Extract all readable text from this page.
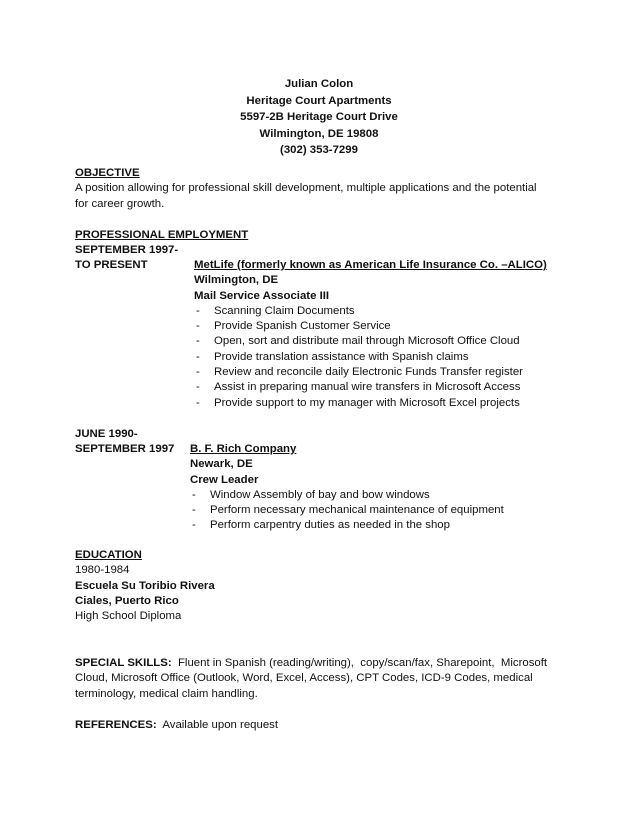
Julian Colon
Heritage Court Apartments
5597-2B Heritage Court Drive
Wilmington, DE 19808
(302) 353-7299
OBJECTIVE
A position allowing for professional skill development, multiple applications and the potential
for career growth.
PROFESSIONAL EMPLOYMENT
SEPTEMBER 1997-
TO PRESENT	MetLife (formerly known as American Life Insurance Co. –ALICO)
Wilmington, DE
Mail Service Associate III
- Scanning Claim Documents
- Provide Spanish Customer Service
- Open, sort and distribute mail through Microsoft Office Cloud
- Provide translation assistance with Spanish claims
- Review and reconcile daily Electronic Funds Transfer register
- Assist in preparing manual wire transfers in Microsoft Access
- Provide support to my manager with Microsoft Excel projects
JUNE 1990-
SEPTEMBER 1997	B. F. Rich Company
Newark, DE
Crew Leader
- Window Assembly of bay and bow windows
- Perform necessary mechanical maintenance of equipment
- Perform carpentry duties as needed in the shop
EDUCATION
1980-1984
Escuela Su Toribio Rivera
Ciales, Puerto Rico
High School Diploma
SPECIAL SKILLS:  Fluent in Spanish (reading/writing),  copy/scan/fax, Sharepoint,  Microsoft
Cloud, Microsoft Office (Outlook, Word, Excel, Access), CPT Codes, ICD-9 Codes, medical
terminology, medical claim handling.
REFERENCES:  Available upon request
